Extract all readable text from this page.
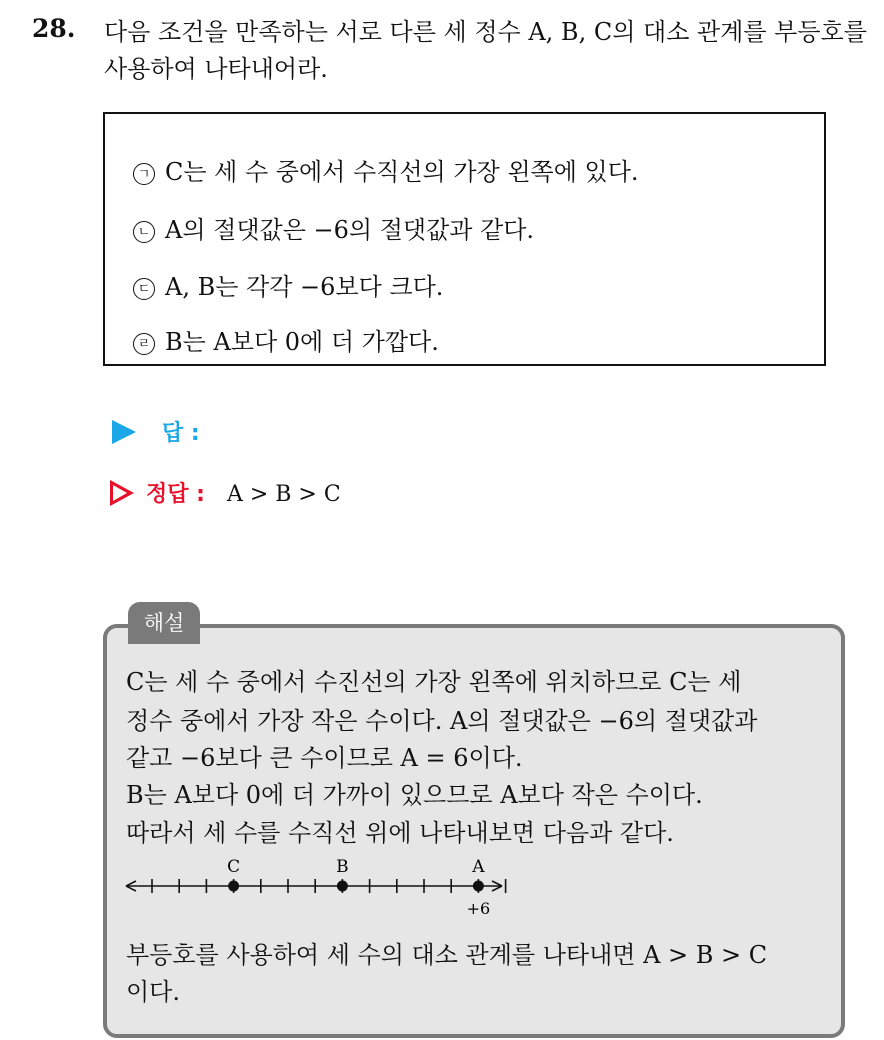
28. 다음 조건을 만족하는 서로 다른 세 정수 A, B, C의 대소 관계를 부등호를 사용하여 나타내어라.
ㄱ C는 세 수 중에서 수직선의 가장 왼쪽에 있다.
ㄴ A의 절댓값은 −6의 절댓값과 같다.
ㄷ A, B는 각각 −6보다 크다.
ㄹ B는 A보다 0에 더 가깝다.
답 :
정답 : A > B > C
해설
C는 세 수 중에서 수진선의 가장 왼쪽에 위치하므로 C는 세
정수 중에서 가장 작은 수이다. A의 절댓값은 −6의 절댓값과
같고 −6보다 큰 수이므로 A = 6이다.
B는 A보다 0에 더 가까이 있으므로 A보다 작은 수이다.
따라서 세 수를 수직선 위에 나타내보면 다음과 같다.
C	B	A
+6
부등호를 사용하여 세 수의 대소 관계를 나타내면 A > B > C
이다.
